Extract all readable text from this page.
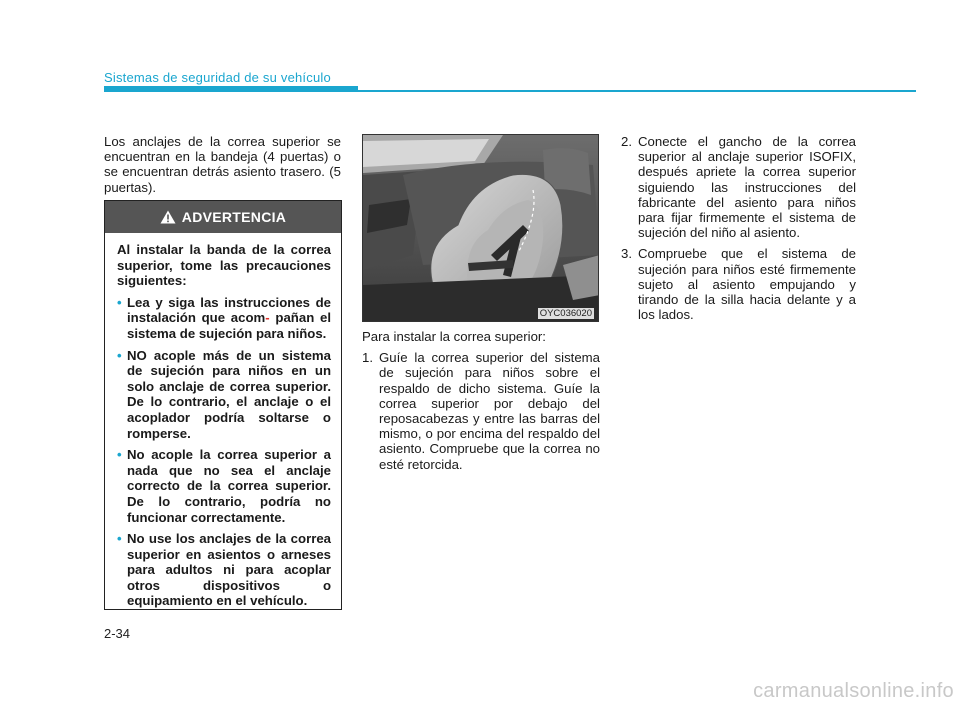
Sistemas de seguridad de su vehículo

Los anclajes de la correa superior se encuentran en la bandeja (4 puertas) o se encuentran detrás asiento trasero. (5 puertas).

ADVERTENCIA

Al instalar la banda de la correa superior, tome las precauciones siguientes:

• Lea y siga las instrucciones de instalación que acom- pañan el sistema de sujeción para niños.
• NO acople más de un sistema de sujeción para niños en un solo anclaje de correa superior. De lo contrario, el anclaje o el acoplador podría soltarse o romperse.
• No acople la correa superior a nada que no sea el anclaje correcto de la correa superior. De lo contrario, podría no funcionar correctamente.
• No use los anclajes de la correa superior en asientos o arneses para adultos ni para acoplar otros dispositivos o equipamiento en el vehículo.
OYC036020

Para instalar la correa superior:

1. Guíe la correa superior del sistema de sujeción para niños sobre el respaldo de dicho sistema. Guíe la correa superior por debajo del reposacabezas y entre las barras del mismo, o por encima del respaldo del asiento. Compruebe que la correa no esté retorcida.
2. Conecte el gancho de la correa superior al anclaje superior ISOFIX, después apriete la correa superior siguiendo las instrucciones del fabricante del asiento para niños para fijar firmemente el sistema de sujeción del niño al asiento.
3. Compruebe que el sistema de sujeción para niños esté firmemente sujeto al asiento empujando y tirando de la silla hacia delante y a los lados.
2-34
carmanualsonline.info
